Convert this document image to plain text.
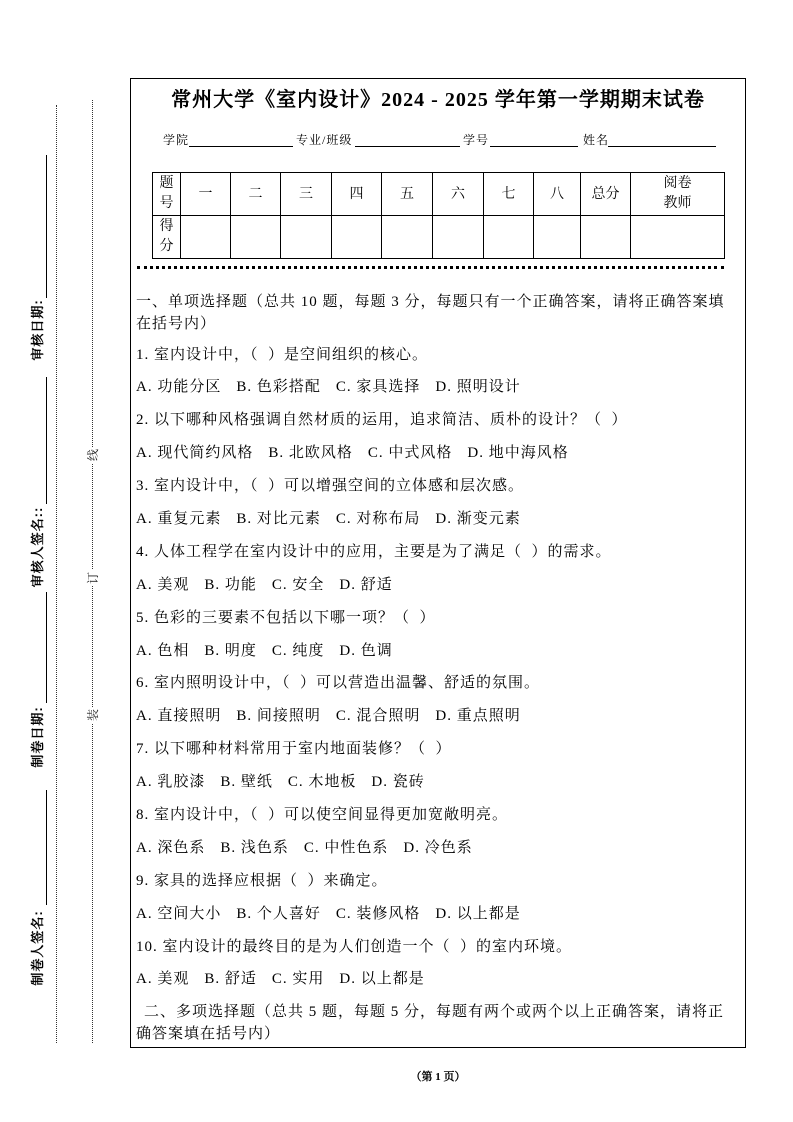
审核日期:
审核人签名::
制卷日期:
制卷人签名:
线
订
装
常州大学《室内设计》2024 - 2025 学年第一学期期末试卷
学院	专业/班级	学号	姓名
题号	一	二	三	四	五	六	七	八	总分	阅卷教师
得分										
一、单项选择题（总共 10 题，每题 3 分，每题只有一个正确答案，请将正确答案填
在括号内）
1. 室内设计中，（  ）是空间组织的核心。
A. 功能分区 B. 色彩搭配 C. 家具选择 D. 照明设计
2. 以下哪种风格强调自然材质的运用，追求简洁、质朴的设计？（  ）
A. 现代简约风格 B. 北欧风格 C. 中式风格 D. 地中海风格
3. 室内设计中，（  ）可以增强空间的立体感和层次感。
A. 重复元素 B. 对比元素 C. 对称布局 D. 渐变元素
4. 人体工程学在室内设计中的应用，主要是为了满足（  ）的需求。
A. 美观 B. 功能 C. 安全 D. 舒适
5. 色彩的三要素不包括以下哪一项？（  ）
A. 色相 B. 明度 C. 纯度 D. 色调
6. 室内照明设计中，（  ）可以营造出温馨、舒适的氛围。
A. 直接照明 B. 间接照明 C. 混合照明 D. 重点照明
7. 以下哪种材料常用于室内地面装修？（  ）
A. 乳胶漆 B. 壁纸 C. 木地板 D. 瓷砖
8. 室内设计中，（  ）可以使空间显得更加宽敞明亮。
A. 深色系 B. 浅色系 C. 中性色系 D. 冷色系
9. 家具的选择应根据（  ）来确定。
A. 空间大小 B. 个人喜好 C. 装修风格 D. 以上都是
10. 室内设计的最终目的是为人们创造一个（  ）的室内环境。
A. 美观 B. 舒适 C. 实用 D. 以上都是
二、多项选择题（总共 5 题，每题 5 分，每题有两个或两个以上正确答案，请将正
确答案填在括号内）
（第 1 页）
